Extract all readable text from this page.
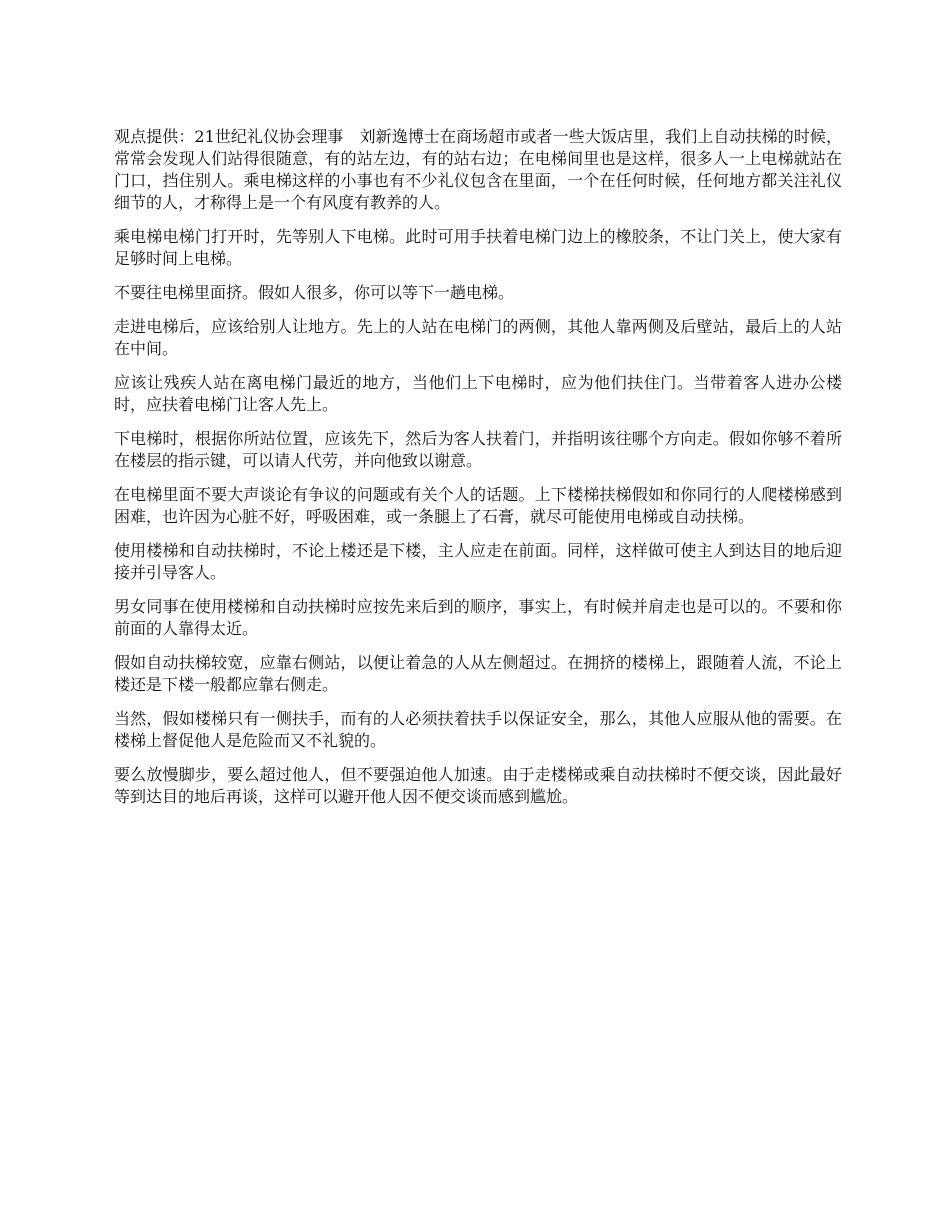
观点提供：21世纪礼仪协会理事　刘新逸博士在商场超市或者一些大饭店里，我们上自动扶梯的时候，常常会发现人们站得很随意，有的站左边，有的站右边；在电梯间里也是这样，很多人一上电梯就站在门口，挡住别人。乘电梯这样的小事也有不少礼仪包含在里面，一个在任何时候，任何地方都关注礼仪细节的人，才称得上是一个有风度有教养的人。

乘电梯电梯门打开时，先等别人下电梯。此时可用手扶着电梯门边上的橡胶条，不让门关上，使大家有足够时间上电梯。

不要往电梯里面挤。假如人很多，你可以等下一趟电梯。

走进电梯后，应该给别人让地方。先上的人站在电梯门的两侧，其他人靠两侧及后壁站，最后上的人站在中间。

应该让残疾人站在离电梯门最近的地方，当他们上下电梯时，应为他们扶住门。当带着客人进办公楼时，应扶着电梯门让客人先上。

下电梯时，根据你所站位置，应该先下，然后为客人扶着门，并指明该往哪个方向走。假如你够不着所在楼层的指示键，可以请人代劳，并向他致以谢意。

在电梯里面不要大声谈论有争议的问题或有关个人的话题。上下楼梯扶梯假如和你同行的人爬楼梯感到困难，也许因为心脏不好，呼吸困难，或一条腿上了石膏，就尽可能使用电梯或自动扶梯。

使用楼梯和自动扶梯时，不论上楼还是下楼，主人应走在前面。同样，这样做可使主人到达目的地后迎接并引导客人。

男女同事在使用楼梯和自动扶梯时应按先来后到的顺序，事实上，有时候并肩走也是可以的。不要和你前面的人靠得太近。

假如自动扶梯较宽，应靠右侧站，以便让着急的人从左侧超过。在拥挤的楼梯上，跟随着人流，不论上楼还是下楼一般都应靠右侧走。

当然，假如楼梯只有一侧扶手，而有的人必须扶着扶手以保证安全，那么，其他人应服从他的需要。在楼梯上督促他人是危险而又不礼貌的。

要么放慢脚步，要么超过他人，但不要强迫他人加速。由于走楼梯或乘自动扶梯时不便交谈，因此最好等到达目的地后再谈，这样可以避开他人因不便交谈而感到尴尬。
